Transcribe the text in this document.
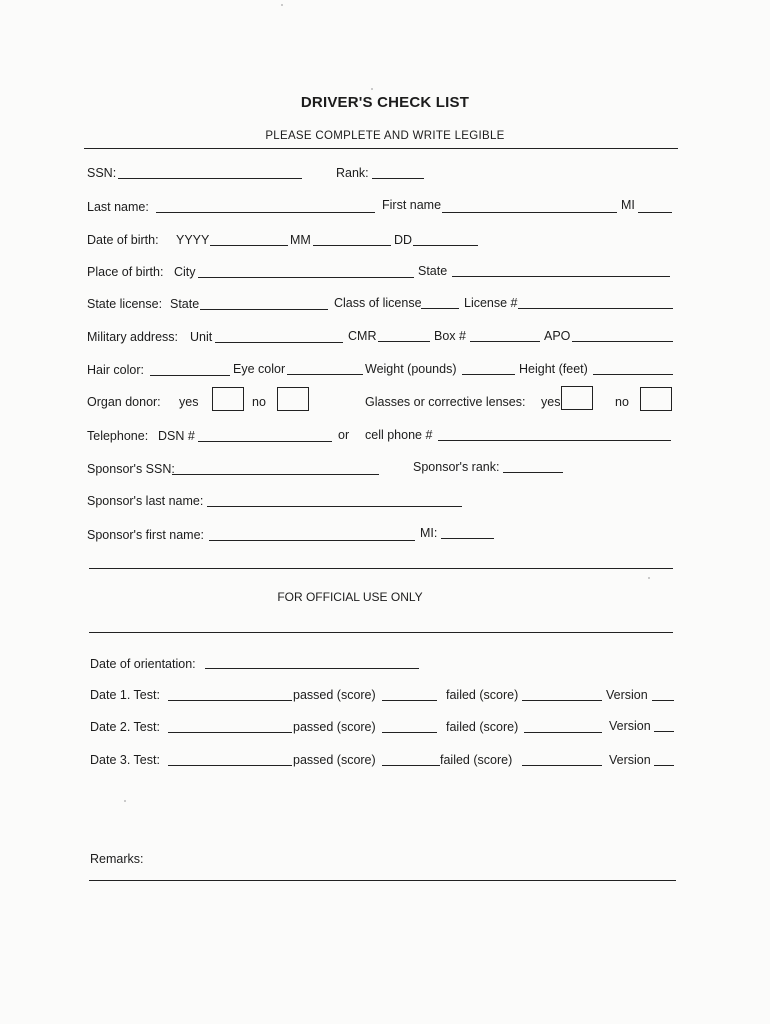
DRIVER'S CHECK LIST
PLEASE COMPLETE AND WRITE LEGIBLE
SSN:	Rank:
Last name:	First name	MI
Date of birth: YYYY	MM	DD
Place of birth: City	State
State license: State	Class of license	License #
Military address: Unit	CMR	Box #	APO
Hair color:	Eye color	Weight (pounds)	Height (feet)
Organ donor: yes	no	Glasses or corrective lenses: yes	no
Telephone: DSN #	or cell phone #
Sponsor's SSN:	Sponsor's rank:
Sponsor's last name:
Sponsor's first name:	MI:
FOR OFFICIAL USE ONLY
Date of orientation:
Date 1. Test:	passed (score)	failed (score)	Version
Date 2. Test:	passed (score)	failed (score)	Version
Date 3. Test:	passed (score)	failed (score)	Version
Remarks:
